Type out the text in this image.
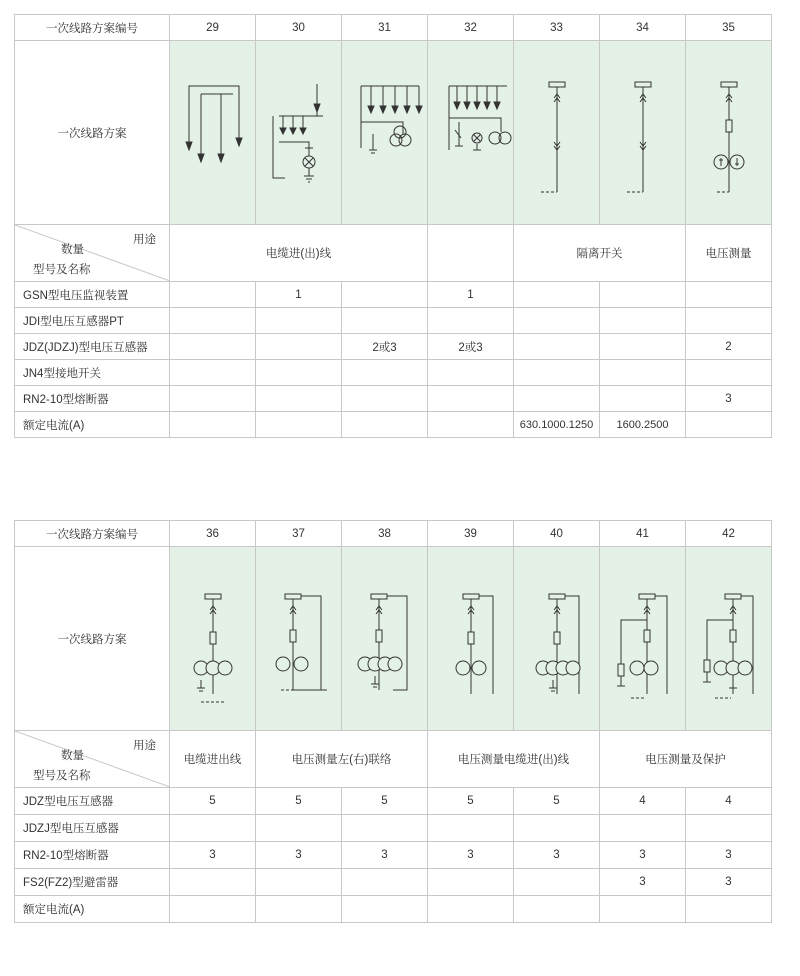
一次线路方案编号	29	30	31	32	33	34	35
一次线路方案	

用途
数量
型号及名称	电缆进(出)线				隔离开关		电压测量
GSN型电压监视装置		1		1			
JDI型电压互感器PT							
JDZ(JDZJ)型电压互感器			2或3	2或3			2
JN4型接地开关							
RN2-10型熔断器							3
额定电流(A)					630.1000.1250	1600.2500	
一次线路方案编号	36	37	38	39	40	41	42
一次线路方案	

用途
数量
型号及名称	电缆进出线	电压测量左(右)联络		电压测量电缆进(出)线		电压测量及保护	
JDZ型电压互感器	5	5	5	5	5	4	4
JDZJ型电压互感器							
RN2-10型熔断器	3	3	3	3	3	3	3
FS2(FZ2)型避雷器						3	3
额定电流(A)							
